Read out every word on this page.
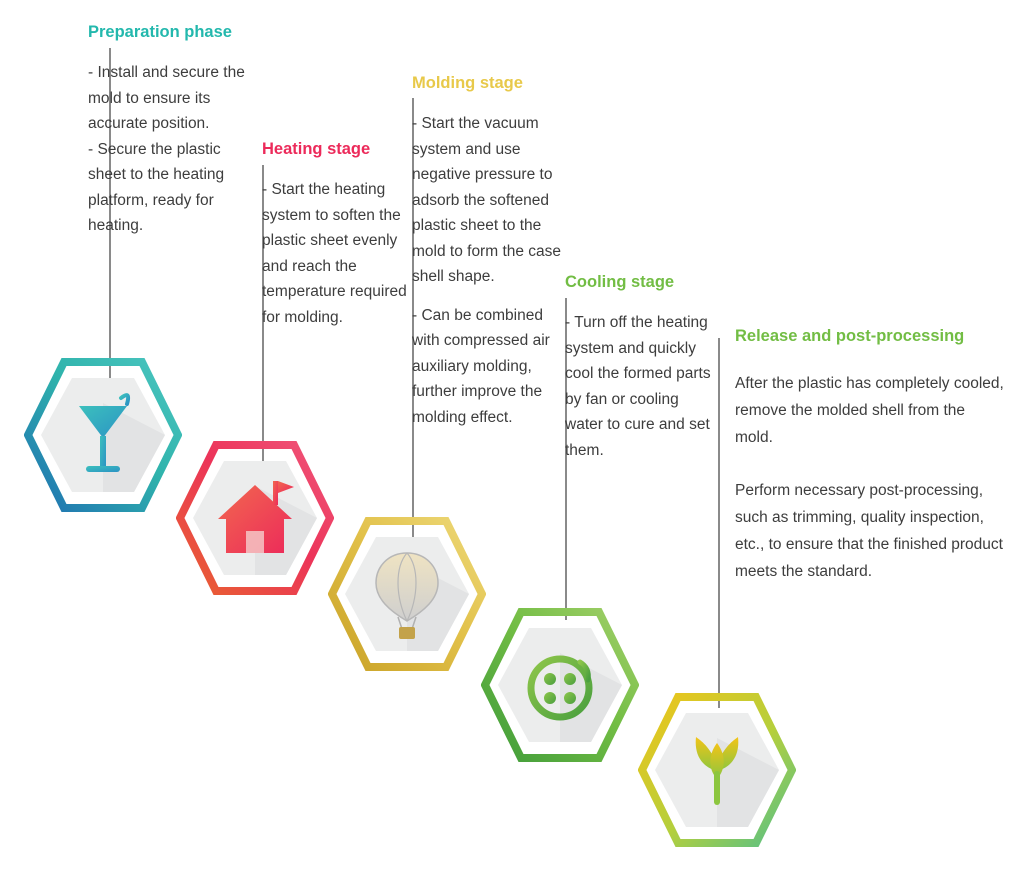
Preparation phase

- Install and secure the mold to ensure its accurate position.

- Secure the plastic sheet to the heating platform, ready for heating.

Heating stage

- Start the heating system to soften the plastic sheet evenly and reach the temperature required for molding.

Molding stage

- Start the vacuum system and use negative pressure to adsorb the softened plastic sheet to the mold to form the case shell shape.

- Can be combined with compressed air auxiliary molding, further improve the molding effect.

Cooling stage

- Turn off the heating system and quickly cool the formed parts by fan or cooling water to cure and set them.

Release and post-processing

After the plastic has completely cooled, remove the molded shell from the mold.

Perform necessary post-processing, such as trimming, quality inspection, etc., to ensure that the finished product meets the standard.
